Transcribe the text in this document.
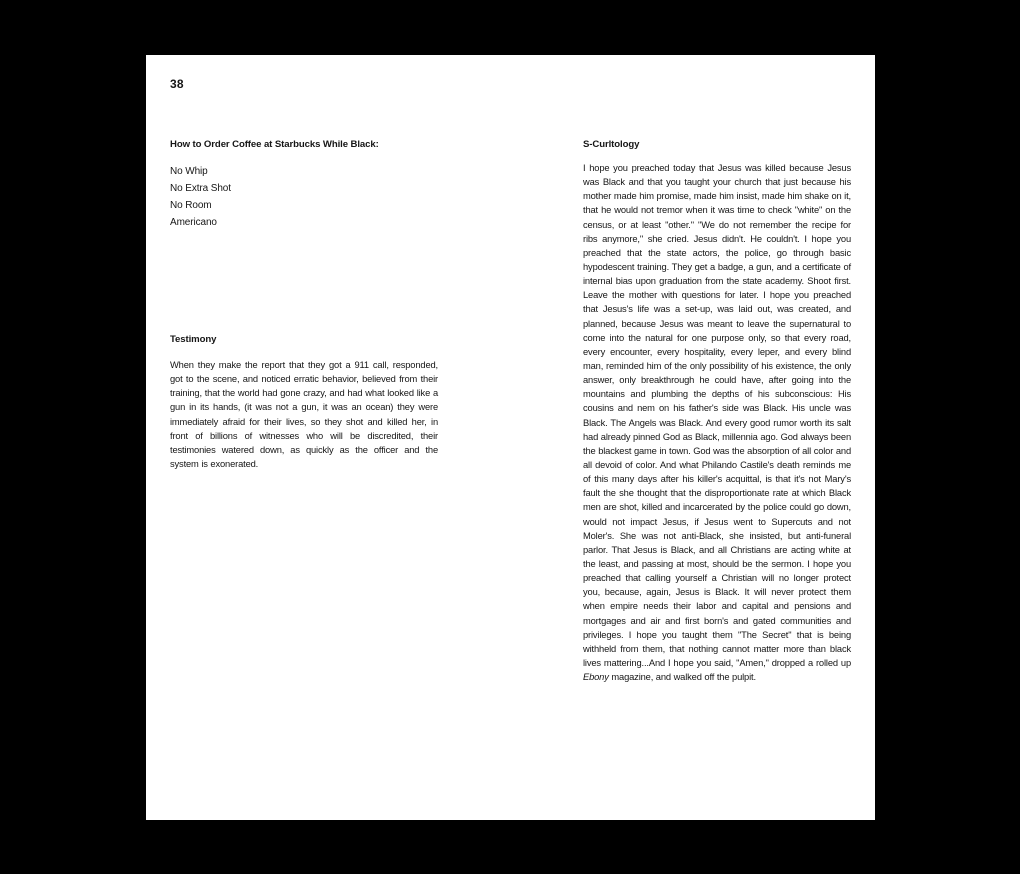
38
How to Order Coffee at Starbucks While Black:
No Whip
No Extra Shot
No Room
Americano
Testimony

When they make the report that they got a 911 call, responded, got to the scene, and noticed erratic behavior, believed from their training, that the world had gone crazy, and had what looked like a gun in its hands, (it was not a gun, it was an ocean) they were immediately afraid for their lives, so they shot and killed her, in front of billions of witnesses who will be discredited, their testimonies watered down, as quickly as the officer and the system is exonerated.

S-Curltology

I hope you preached today that Jesus was killed because Jesus was Black and that you taught your church that just because his mother made him promise, made him insist, made him shake on it, that he would not tremor when it was time to check "white" on the census, or at least "other." "We do not remember the recipe for ribs anymore," she cried. Jesus didn't. He couldn't. I hope you preached that the state actors, the police, go through basic hypodescent training. They get a badge, a gun, and a certificate of internal bias upon graduation from the state academy. Shoot first. Leave the mother with questions for later. I hope you preached that Jesus's life was a set-up, was laid out, was created, and planned, because Jesus was meant to leave the supernatural to come into the natural for one purpose only, so that every road, every encounter, every hospitality, every leper, and every blind man, reminded him of the only possibility of his existence, the only answer, only breakthrough he could have, after going into the mountains and plumbing the depths of his subconscious: His cousins and nem on his father's side was Black. His uncle was Black. The Angels was Black. And every good rumor worth its salt had already pinned God as Black, millennia ago. God always been the blackest game in town. God was the absorption of all color and all devoid of color. And what Philando Castile's death reminds me of this many days after his killer's acquittal, is that it's not Mary's fault the she thought that the disproportionate rate at which Black men are shot, killed and incarcerated by the police could go down, would not impact Jesus, if Jesus went to Supercuts and not Moler's. She was not anti-Black, she insisted, but anti-funeral parlor. That Jesus is Black, and all Christians are acting white at the least, and passing at most, should be the sermon. I hope you preached that calling yourself a Christian will no longer protect you, because, again, Jesus is Black. It will never protect them when empire needs their labor and capital and pensions and mortgages and air and first born's and gated communities and privileges. I hope you taught them "The Secret" that is being withheld from them, that nothing cannot matter more than black lives mattering...And I hope you said, "Amen," dropped a rolled up Ebony magazine, and walked off the pulpit.
